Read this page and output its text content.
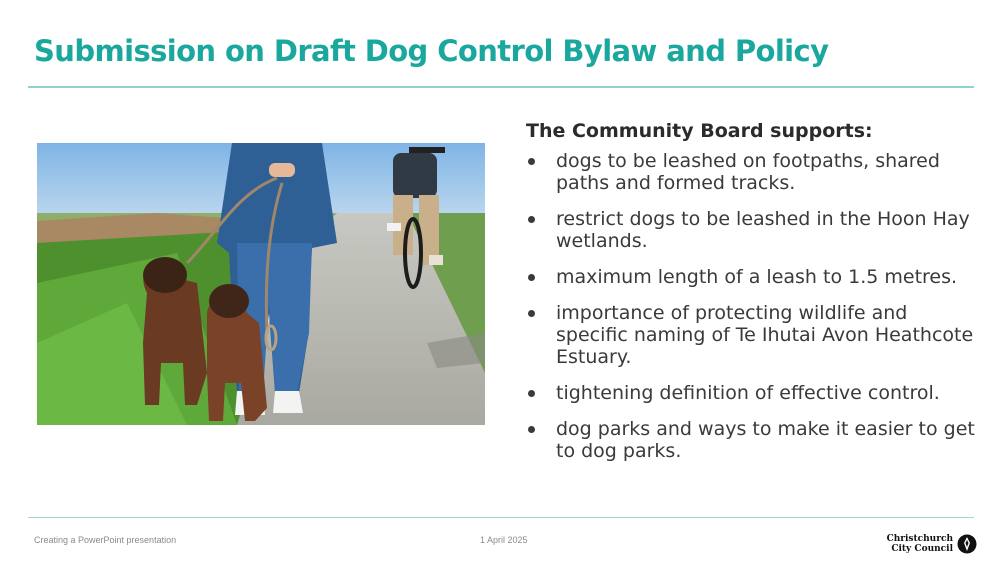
Submission on Draft Dog Control Bylaw and Policy
The Community Board supports:
dogs to be leashed on footpaths, shared paths and formed tracks.
restrict dogs to be leashed in the Hoon Hay wetlands.
maximum length of a leash to 1.5 metres.
importance of protecting wildlife and specific naming of Te Ihutai Avon Heathcote Estuary.
tightening definition of effective control.
dog parks and ways to make it easier to get to dog parks.
Creating a PowerPoint presentation	1 April 2025	Christchurch
City Council
